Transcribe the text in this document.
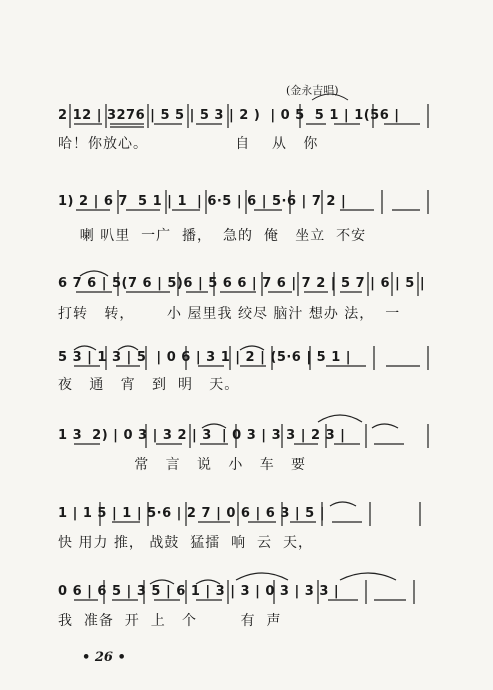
(金永吉唱)
2 12 | 3276 | 5 5 | 5 3 | 2 )  | 0 5  5 1 | 1(56 |
哈！你放心。                自    从   你
1) 2 | 6 7  5 1 | 1  | 6·5 | 6 | 5·6 | 7 2 |
喇 叭里  一广  播，  急的  俺   坐立  不安
6 7 6 | 5(7 6 | 5)6 | 5 6 6 | 7 6 | 7 2 | 5 7 | 6 | 5 |
打转   转，      小 屋里我 绞尽 脑汁 想办 法，  一
5 3 | 1 3 | 5  | 0 6 | 3 1 | 2 | (5·6 | 5 1 |
夜   通   宵   到  明   天。
1 3  2) | 0 3 | 3 2 | 3  | 0 3 | 3 3 | 2 3 |
常   言   说   小   车   要
1 | 1 5 | 1 | 5·6 | 2 7 | 0 6 | 6 3 | 5 |
快 用力 推， 战鼓  猛擂  响  云  天，
0 6 | 6 5 | 3 5 | 6 1 | 3 | 3 | 0 3 | 3 3 |
我  准备  开  上   个        有  声
• 26 •
